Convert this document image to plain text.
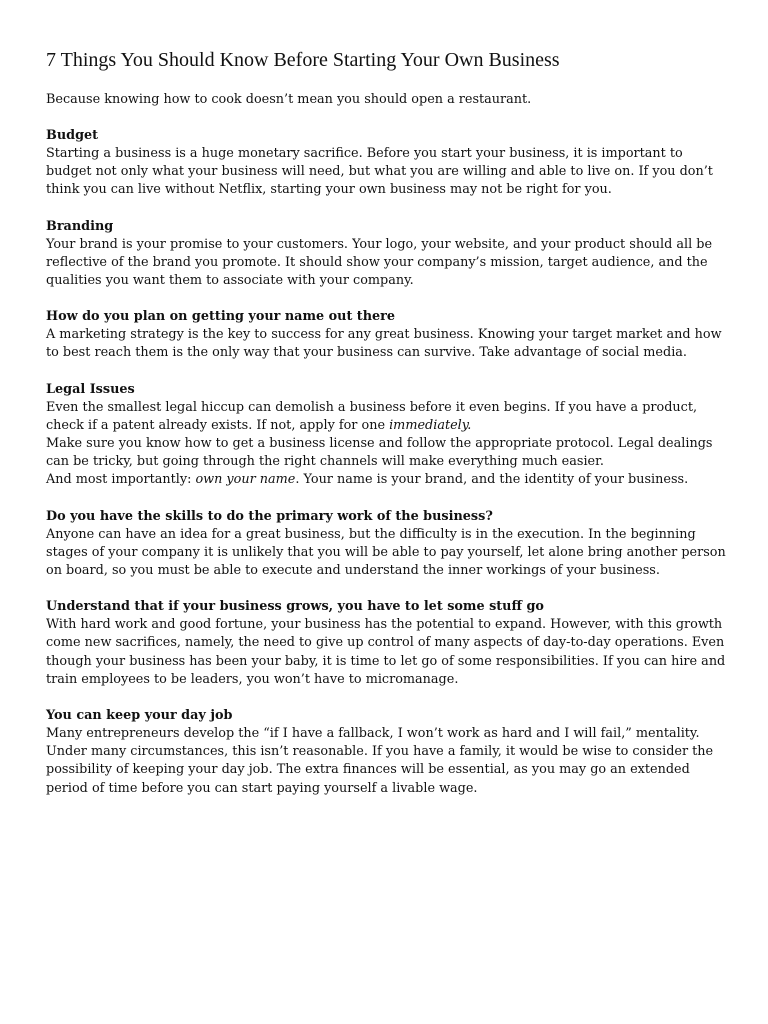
7 Things You Should Know Before Starting Your Own Business

Because knowing how to cook doesn’t mean you should open a restaurant.

Budget

Starting a business is a huge monetary sacrifice. Before you start your business, it is important to budget not only what your business will need, but what you are willing and able to live on. If you don’t think you can live without Netflix, starting your own business may not be right for you.

Branding

Your brand is your promise to your customers. Your logo, your website, and your product should all be reflective of the brand you promote. It should show your company’s mission, target audience, and the qualities you want them to associate with your company.

How do you plan on getting your name out there

A marketing strategy is the key to success for any great business. Knowing your target market and how to best reach them is the only way that your business can survive. Take advantage of social media.

Legal Issues

Even the smallest legal hiccup can demolish a business before it even begins. If you have a product, check if a patent already exists. If not, apply for one immediately.

Make sure you know how to get a business license and follow the appropriate protocol. Legal dealings can be tricky, but going through the right channels will make everything much easier.

And most importantly: own your name. Your name is your brand, and the identity of your business.

Do you have the skills to do the primary work of the business?

Anyone can have an idea for a great business, but the difficulty is in the execution. In the beginning stages of your company it is unlikely that you will be able to pay yourself, let alone bring another person on board, so you must be able to execute and understand the inner workings of your business.

Understand that if your business grows, you have to let some stuff go

With hard work and good fortune, your business has the potential to expand. However, with this growth come new sacrifices, namely, the need to give up control of many aspects of day-to-day operations. Even though your business has been your baby, it is time to let go of some responsibilities. If you can hire and train employees to be leaders, you won’t have to micromanage.

You can keep your day job

Many entrepreneurs develop the “if I have a fallback, I won’t work as hard and I will fail,” mentality. Under many circumstances, this isn’t reasonable. If you have a family, it would be wise to consider the possibility of keeping your day job. The extra finances will be essential, as you may go an extended period of time before you can start paying yourself a livable wage.
